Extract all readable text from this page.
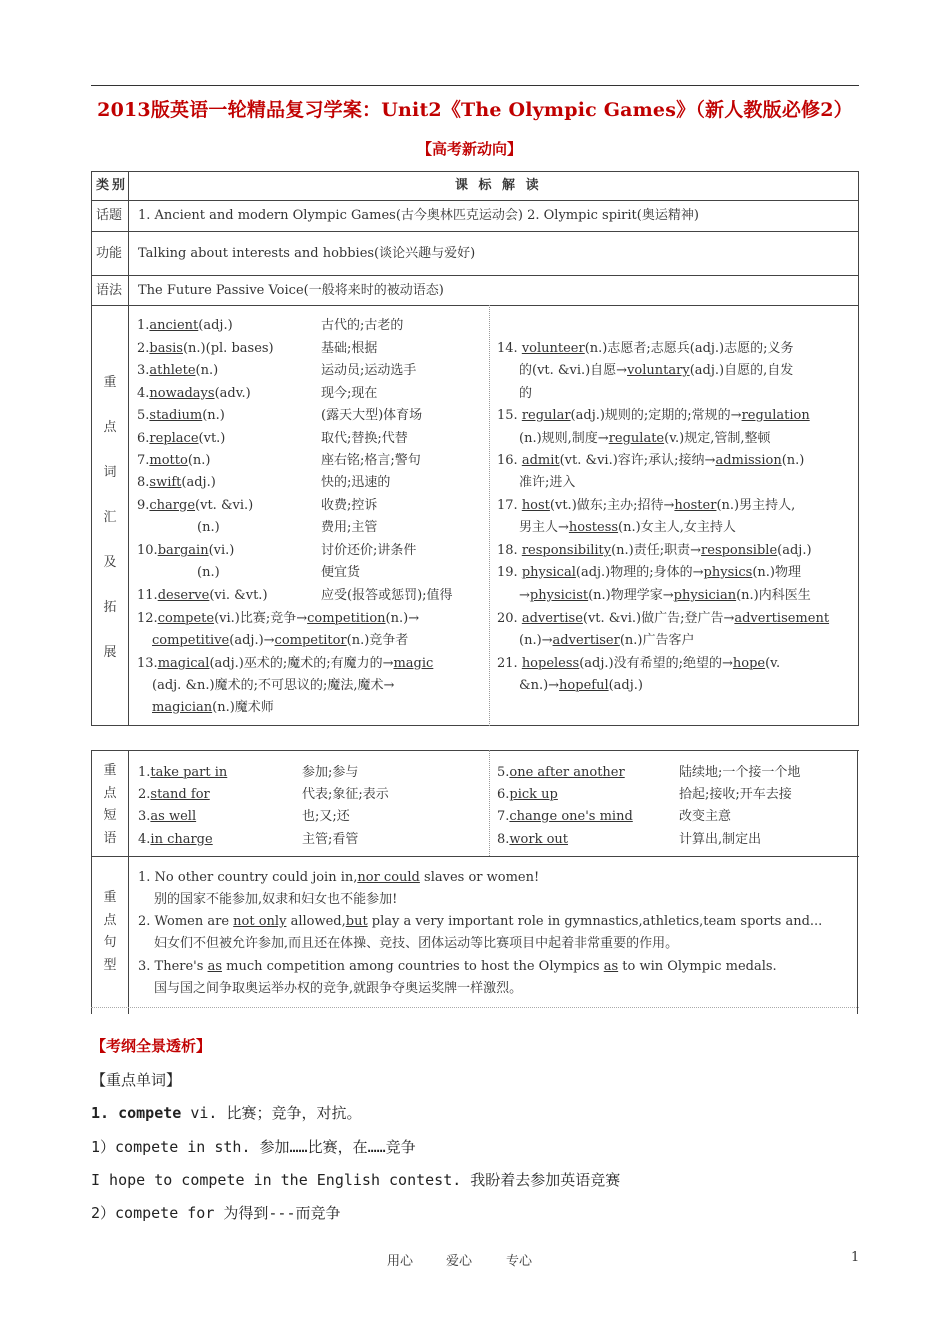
2013版英语一轮精品复习学案：Unit2《The Olympic Games》（新人教版必修2）
【高考新动向】
类别	课 标 解 读
话题 1. Ancient and modern Olympic Games(古今奥林匹克运动会) 2. Olympic spirit(奥运精神)
功能 Talking about interests and hobbies(谈论兴趣与爱好)
语法 The Future Passive Voice(一般将来时的被动语态)
重
点
词
汇
及
拓
展
1.ancient(adj.)	古代的;古老的
2.basis(n.)(pl. bases)	基础;根据
3.athlete(n.)	运动员;运动选手
4.nowadays(adv.)	现今;现在
5.stadium(n.)	(露天大型)体育场
6.replace(vt.)	取代;替换;代替
7.motto(n.)	座右铭;格言;警句
8.swift(adj.)	快的;迅速的
9.charge(vt. &vi.)	收费;控诉
(n.)	费用;主管
10.bargain(vi.)	讨价还价;讲条件
(n.)	便宜货
11.deserve(vi. &vt.)	应受(报答或惩罚);值得
12.compete(vi.)比赛;竞争→competition(n.)→
competitive(adj.)→competitor(n.)竞争者
13.magical(adj.)巫术的;魔术的;有魔力的→magic
(adj. &n.)魔术的;不可思议的;魔法,魔术→
magician(n.)魔术师
14. volunteer(n.)志愿者;志愿兵(adj.)志愿的;义务
的(vt. &vi.)自愿→voluntary(adj.)自愿的,自发
的
15. regular(adj.)规则的;定期的;常规的→regulation
(n.)规则,制度→regulate(v.)规定,管制,整顿
16. admit(vt. &vi.)容许;承认;接纳→admission(n.)
准许;进入
17. host(vt.)做东;主办;招待→hoster(n.)男主持人,
男主人→hostess(n.)女主人,女主持人
18. responsibility(n.)责任;职责→responsible(adj.)
19. physical(adj.)物理的;身体的→physics(n.)物理
→physicist(n.)物理学家→physician(n.)内科医生
20. advertise(vt. &vi.)做广告;登广告→advertisement
(n.)→advertiser(n.)广告客户
21. hopeless(adj.)没有希望的;绝望的→hope(v.
&n.)→hopeful(adj.)
重
点
短
语
重
点
句
型
1.take part in	参加;参与
2.stand for	代表;象征;表示
3.as well	也;又;还
4.in charge	主管;看管
5.one after another	陆续地;一个接一个地
6.pick up	拾起;接收;开车去接
7.change one's mind	改变主意
8.work out	计算出,制定出
1. No other country could join in,nor could slaves or women!
别的国家不能参加,奴隶和妇女也不能参加!
2. Women are not only allowed,but play a very important role in gymnastics,athletics,team sports and...
妇女们不但被允许参加,而且还在体操、竞技、团体运动等比赛项目中起着非常重要的作用。
3. There's as much competition among countries to host the Olympics as to win Olympic medals.
国与国之间争取奥运举办权的竞争,就跟争夺奥运奖牌一样激烈。
【考纲全景透析】
【重点单词】
1. compete vi. 比赛；竞争，对抗。
1）compete in sth. 参加……比赛，在……竞争
I hope to compete in the English contest. 我盼着去参加英语竞赛
2）compete for 为得到---而竞争
用心	爱心	专心	1
